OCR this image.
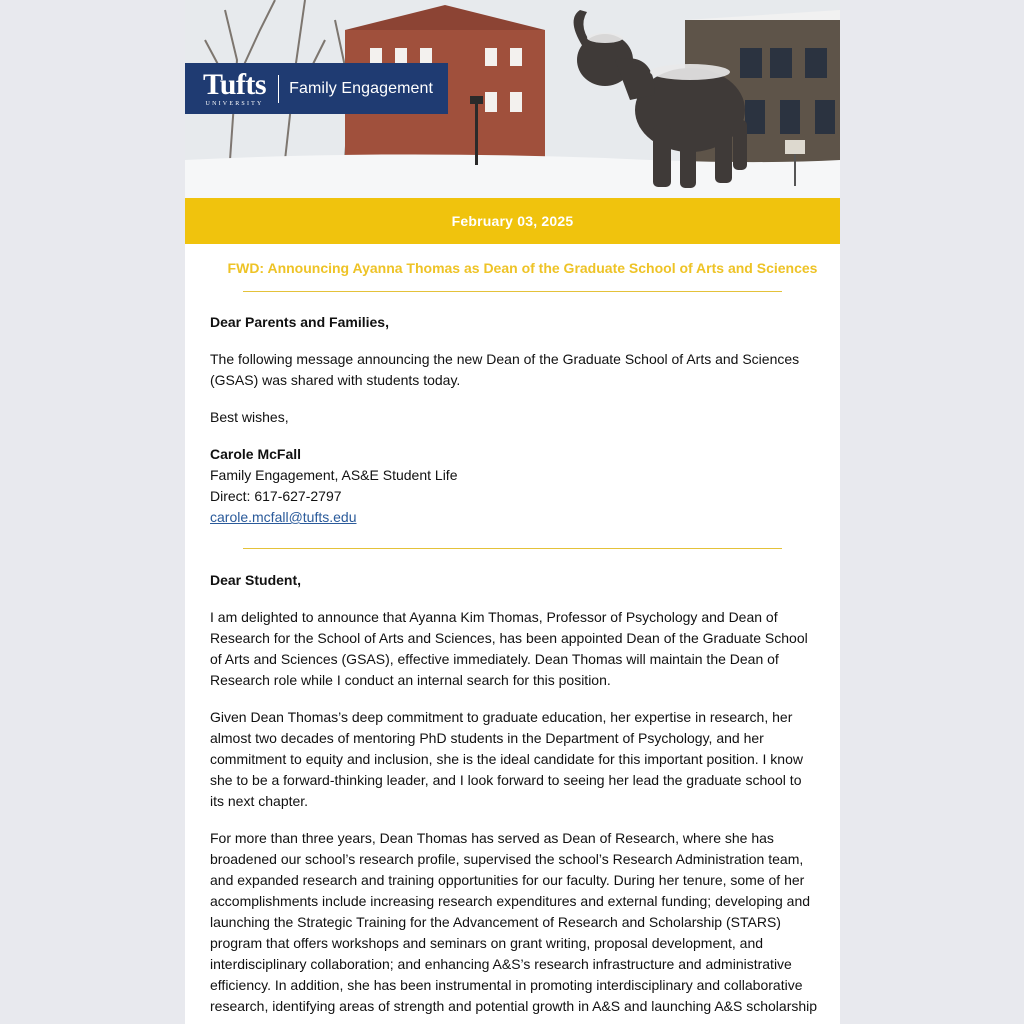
Tufts
UNIVERSITY
Family Engagement
February 03, 2025
FWD: Announcing Ayanna Thomas as Dean of the Graduate School of Arts and Sciences

Dear Parents and Families,

The following message announcing the new Dean of the Graduate School of Arts and Sciences (GSAS) was shared with students today.

Best wishes,

Carole McFall

Family Engagement, AS&E Student Life

Direct: 617-627-2797

carole.mcfall@tufts.edu

Dear Student,

I am delighted to announce that Ayanna Kim Thomas, Professor of Psychology and Dean of Research for the School of Arts and Sciences, has been appointed Dean of the Graduate School of Arts and Sciences (GSAS), effective immediately. Dean Thomas will maintain the Dean of Research role while I conduct an internal search for this position.

Given Dean Thomas’s deep commitment to graduate education, her expertise in research, her almost two decades of mentoring PhD students in the Department of Psychology, and her commitment to equity and inclusion, she is the ideal candidate for this important position. I know she to be a forward-thinking leader, and I look forward to seeing her lead the graduate school to its next chapter.

For more than three years, Dean Thomas has served as Dean of Research, where she has broadened our school’s research profile, supervised the school’s Research Administration team, and expanded research and training opportunities for our faculty. During her tenure, some of her accomplishments include increasing research expenditures and external funding; developing and launching the Strategic Training for the Advancement of Research and Scholarship (STARS) program that offers workshops and seminars on grant writing, proposal development, and interdisciplinary collaboration; and enhancing A&S’s research infrastructure and administrative efficiency. In addition, she has been instrumental in promoting interdisciplinary and collaborative research, identifying areas of strength and potential growth in A&S and launching A&S scholarship
